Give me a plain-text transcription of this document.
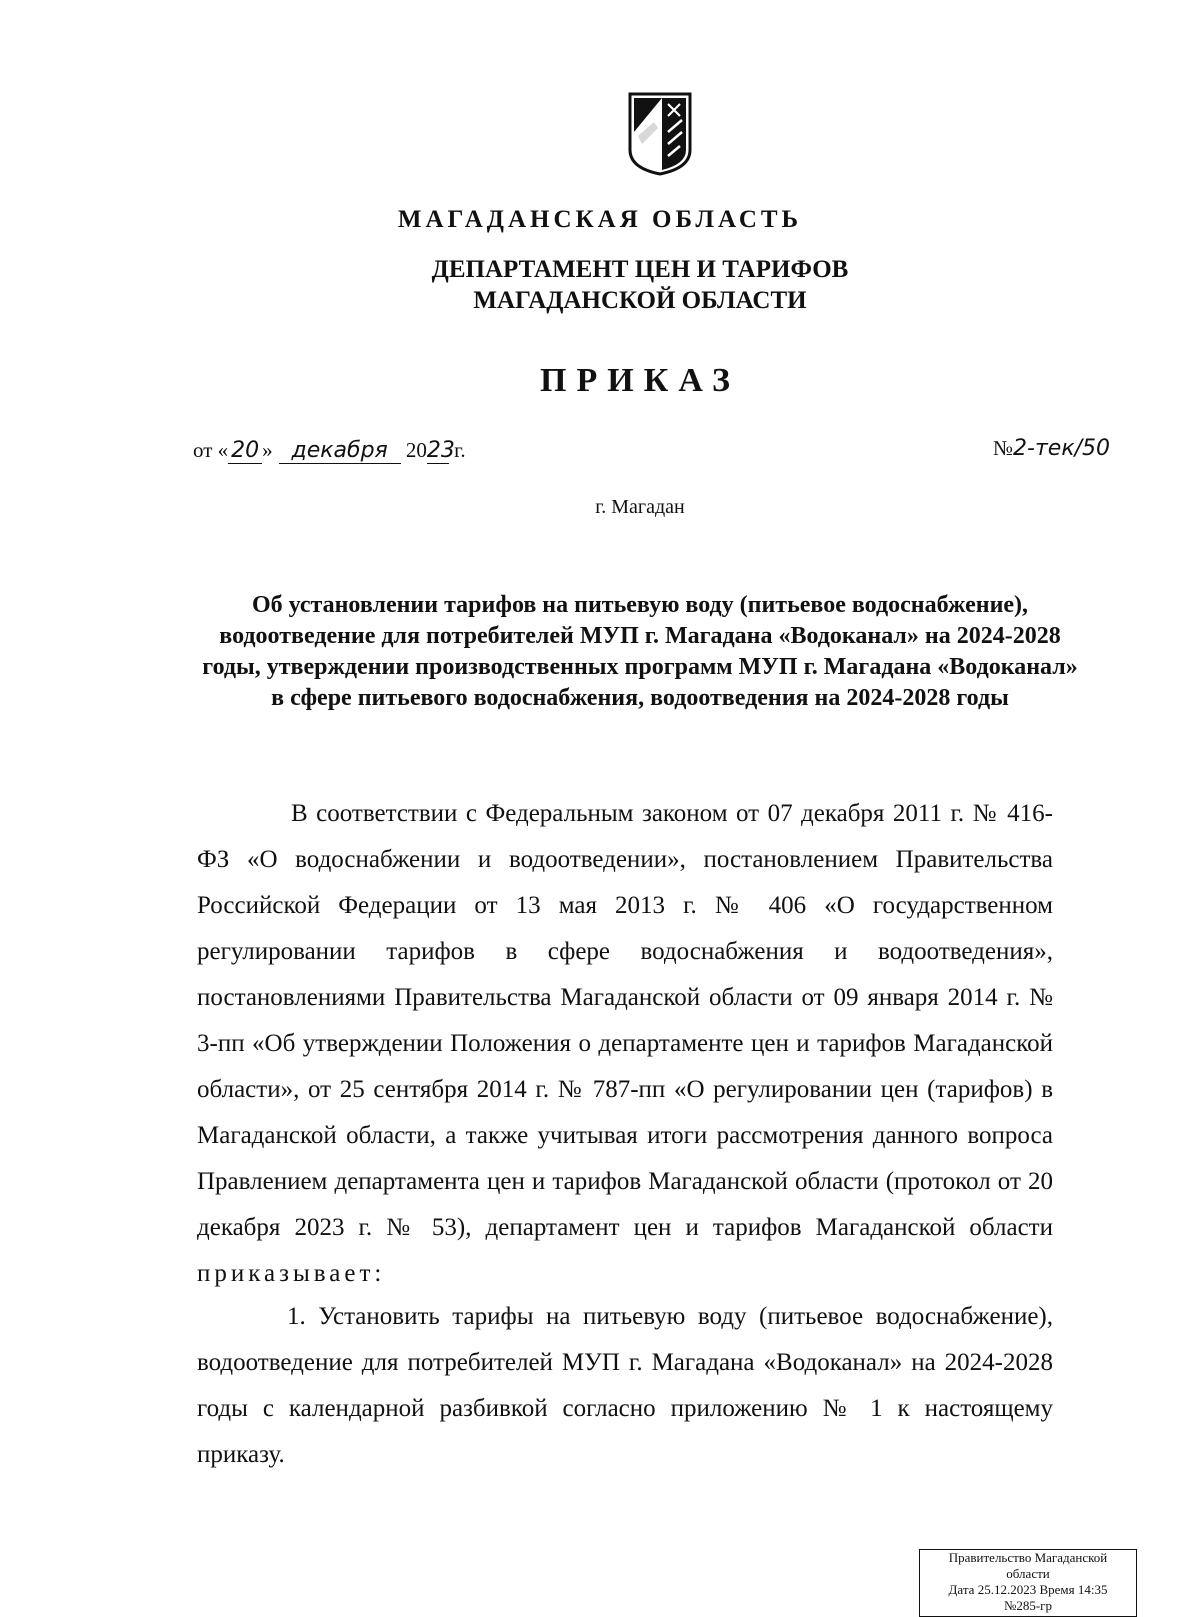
МАГАДАНСКАЯ ОБЛАСТЬ
ДЕПАРТАМЕНТ ЦЕН И ТАРИФОВ
МАГАДАНСКОЙ ОБЛАСТИ
ПРИКАЗ
от « 20 » декабря 2023 г.	№2-тек/50
г. Магадан
Об установлении тарифов на питьевую воду (питьевое водоснабжение), водоотведение для потребителей МУП г. Магадана «Водоканал» на 2024-2028 годы, утверждении производственных программ МУП г. Магадана «Водоканал» в сфере питьевого водоснабжения, водоотведения на 2024-2028 годы
В соответствии с Федеральным законом от 07 декабря 2011 г. № 416-ФЗ «О водоснабжении и водоотведении», постановлением Правительства Российской Федерации от 13 мая 2013 г. № 406 «О государственном регулировании тарифов в сфере водоснабжения и водоотведения», постановлениями Правительства Магаданской области от 09 января 2014 г. № 3-пп «Об утверждении Положения о департаменте цен и тарифов Магаданской области», от 25 сентября 2014 г. № 787-пп «О регулировании цен (тарифов) в Магаданской области, а также учитывая итоги рассмотрения данного вопроса Правлением департамента цен и тарифов Магаданской области (протокол от 20 декабря 2023 г. № 53), департамент цен и тарифов Магаданской области приказывает:
1. Установить тарифы на питьевую воду (питьевое водоснабжение), водоотведение для потребителей МУП г. Магадана «Водоканал» на 2024-2028 годы с календарной разбивкой согласно приложению № 1 к настоящему приказу.
Правительство Магаданской
области
Дата 25.12.2023 Время 14:35
№285-гр
